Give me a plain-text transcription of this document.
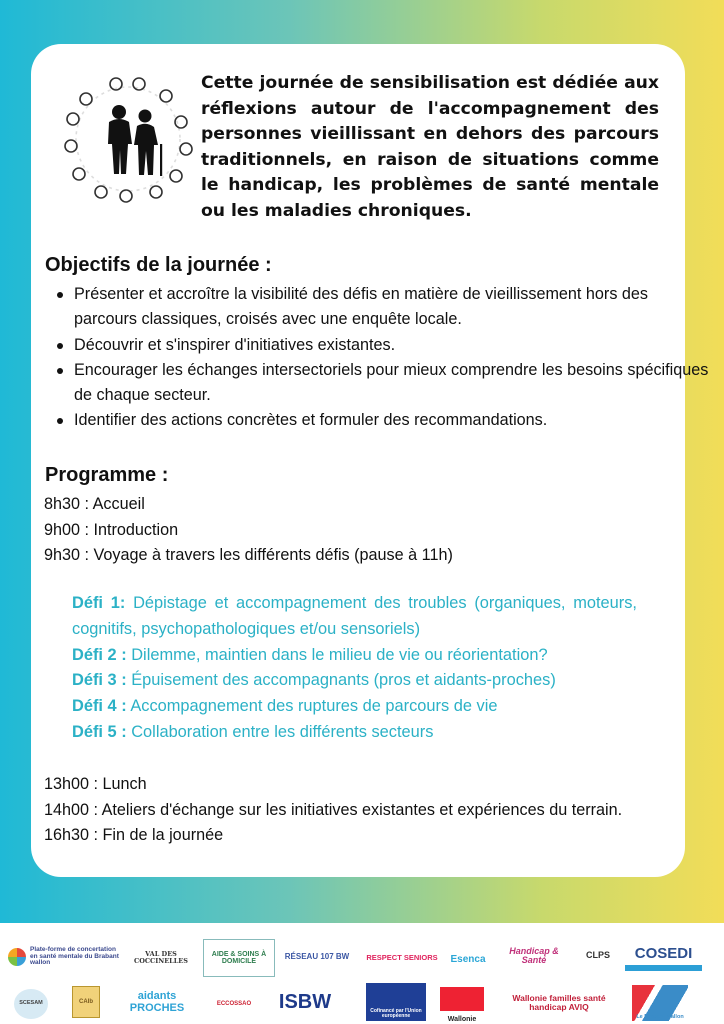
Cette journée de sensibilisation est dédiée aux réflexions autour de l'accompagnement des personnes vieillissant en dehors des parcours traditionnels, en raison de situations comme le handicap, les problèmes de santé mentale ou les maladies chroniques.
Objectifs de la journée :
Présenter et accroître la visibilité des défis en matière de vieillissement hors des parcours classiques, croisés avec une enquête locale.
Découvrir et s'inspirer d'initiatives existantes.
Encourager les échanges intersectoriels pour mieux comprendre les besoins spécifiques de chaque secteur.
Identifier des actions concrètes et formuler des recommandations.
Programme :
8h30 : Accueil
9h00 : Introduction
9h30 : Voyage à travers les différents défis (pause à 11h)
Défi 1: Dépistage et accompagnement des troubles (organiques, moteurs, cognitifs, psychopathologiques et/ou sensoriels)
Défi 2 : Dilemme, maintien dans le milieu de vie ou réorientation?
Défi 3 : Épuisement des accompagnants (pros et aidants-proches)
Défi 4 : Accompagnement des ruptures de parcours de vie
Défi 5 : Collaboration entre les différents secteurs
13h00 : Lunch
14h00 : Ateliers d'échange sur les initiatives existantes et expériences du terrain.
16h30 : Fin de la journée
Plate-forme de concertation en santé mentale du Brabant wallon
VAL DES COCCINELLES
AIDE & SOINS À DOMICILE
RÉSEAU 107 BW	RESPECT SENIORS	Esenca
Handicap & Santé	CLPS	COSEDI
SCESAM	CAIb	aidants PROCHES	ECCOSSAO	ISBW	Cofinancé par l'Union européenne	Wallonie
Wallonie familles santé handicap AVIQ
Le Brabant wallon
